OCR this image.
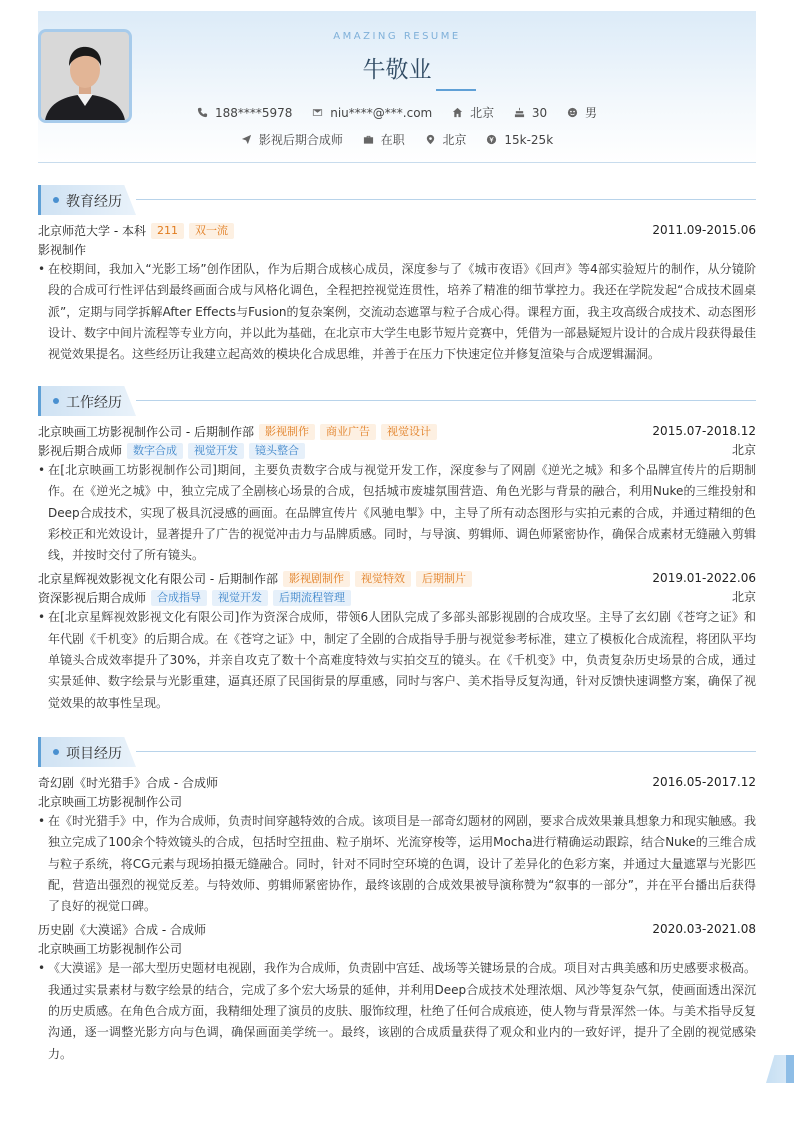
AMAZING RESUME
牛敬业
188****5978
	niu****@***.com
	北京
	30
	男
影视后期合成师
	在职
	北京
	15k-25k
教育经历
北京师范大学 - 本科	211	双一流	2011.09-2015.06
影视制作
• 在校期间，我加入“光影工场”创作团队，作为后期合成核心成员，深度参与了《城市夜语》《回声》等4部实验短片的制作，从分镜阶段的合成可行性评估到最终画面合成与风格化调色，全程把控视觉连贯性，培养了精准的细节掌控力。我还在学院发起“合成技术圆桌派”，定期与同学拆解After Effects与Fusion的复杂案例，交流动态遮罩与粒子合成心得。课程方面，我主攻高级合成技术、动态图形设计、数字中间片流程等专业方向，并以此为基础，在北京市大学生电影节短片竞赛中，凭借为一部悬疑短片设计的合成片段获得最佳视觉效果提名。这些经历让我建立起高效的模块化合成思维，并善于在压力下快速定位并修复渲染与合成逻辑漏洞。
工作经历
北京映画工坊影视制作公司 - 后期制作部	影视制作	商业广告	视觉设计	2015.07-2018.12
影视后期合成师	数字合成	视觉开发	镜头整合	北京
• 在[北京映画工坊影视制作公司]期间，主要负责数字合成与视觉开发工作，深度参与了网剧《逆光之城》和多个品牌宣传片的后期制作。在《逆光之城》中，独立完成了全剧核心场景的合成，包括城市废墟氛围营造、角色光影与背景的融合，利用Nuke的三维投射和Deep合成技术，实现了极具沉浸感的画面。在品牌宣传片《风驰电掣》中，主导了所有动态图形与实拍元素的合成，并通过精细的色彩校正和光效设计，显著提升了广告的视觉冲击力与品牌质感。同时，与导演、剪辑师、调色师紧密协作，确保合成素材无缝融入剪辑线，并按时交付了所有镜头。
北京星辉视效影视文化有限公司 - 后期制作部	影视剧制作	视觉特效	后期制片	2019.01-2022.06
资深影视后期合成师	合成指导	视觉开发	后期流程管理	北京
• 在[北京星辉视效影视文化有限公司]作为资深合成师，带领6人团队完成了多部头部影视剧的合成攻坚。主导了玄幻剧《苍穹之证》和年代剧《千机变》的后期合成。在《苍穹之证》中，制定了全剧的合成指导手册与视觉参考标准，建立了模板化合成流程，将团队平均单镜头合成效率提升了30%，并亲自攻克了数十个高难度特效与实拍交互的镜头。在《千机变》中，负责复杂历史场景的合成，通过实景延伸、数字绘景与光影重建，逼真还原了民国街景的厚重感，同时与客户、美术指导反复沟通，针对反馈快速调整方案，确保了视觉效果的故事性呈现。
项目经历
奇幻剧《时光猎手》合成 - 合成师	2016.05-2017.12
北京映画工坊影视制作公司
• 在《时光猎手》中，作为合成师，负责时间穿越特效的合成。该项目是一部奇幻题材的网剧，要求合成效果兼具想象力和现实触感。我独立完成了100余个特效镜头的合成，包括时空扭曲、粒子崩坏、光流穿梭等，运用Mocha进行精确运动跟踪，结合Nuke的三维合成与粒子系统，将CG元素与现场拍摄无缝融合。同时，针对不同时空环境的色调，设计了差异化的色彩方案，并通过大量遮罩与光影匹配，营造出强烈的视觉反差。与特效师、剪辑师紧密协作，最终该剧的合成效果被导演称赞为“叙事的一部分”，并在平台播出后获得了良好的视觉口碑。
历史剧《大漠谣》合成 - 合成师	2020.03-2021.08
北京映画工坊影视制作公司
• 《大漠谣》是一部大型历史题材电视剧，我作为合成师，负责剧中宫廷、战场等关键场景的合成。项目对古典美感和历史感要求极高。我通过实景素材与数字绘景的结合，完成了多个宏大场景的延伸，并利用Deep合成技术处理浓烟、风沙等复杂气氛，使画面透出深沉的历史质感。在角色合成方面，我精细处理了演员的皮肤、服饰纹理，杜绝了任何合成痕迹，使人物与背景浑然一体。与美术指导反复沟通，逐一调整光影方向与色调，确保画面美学统一。最终，该剧的合成质量获得了观众和业内的一致好评，提升了全剧的视觉感染力。
